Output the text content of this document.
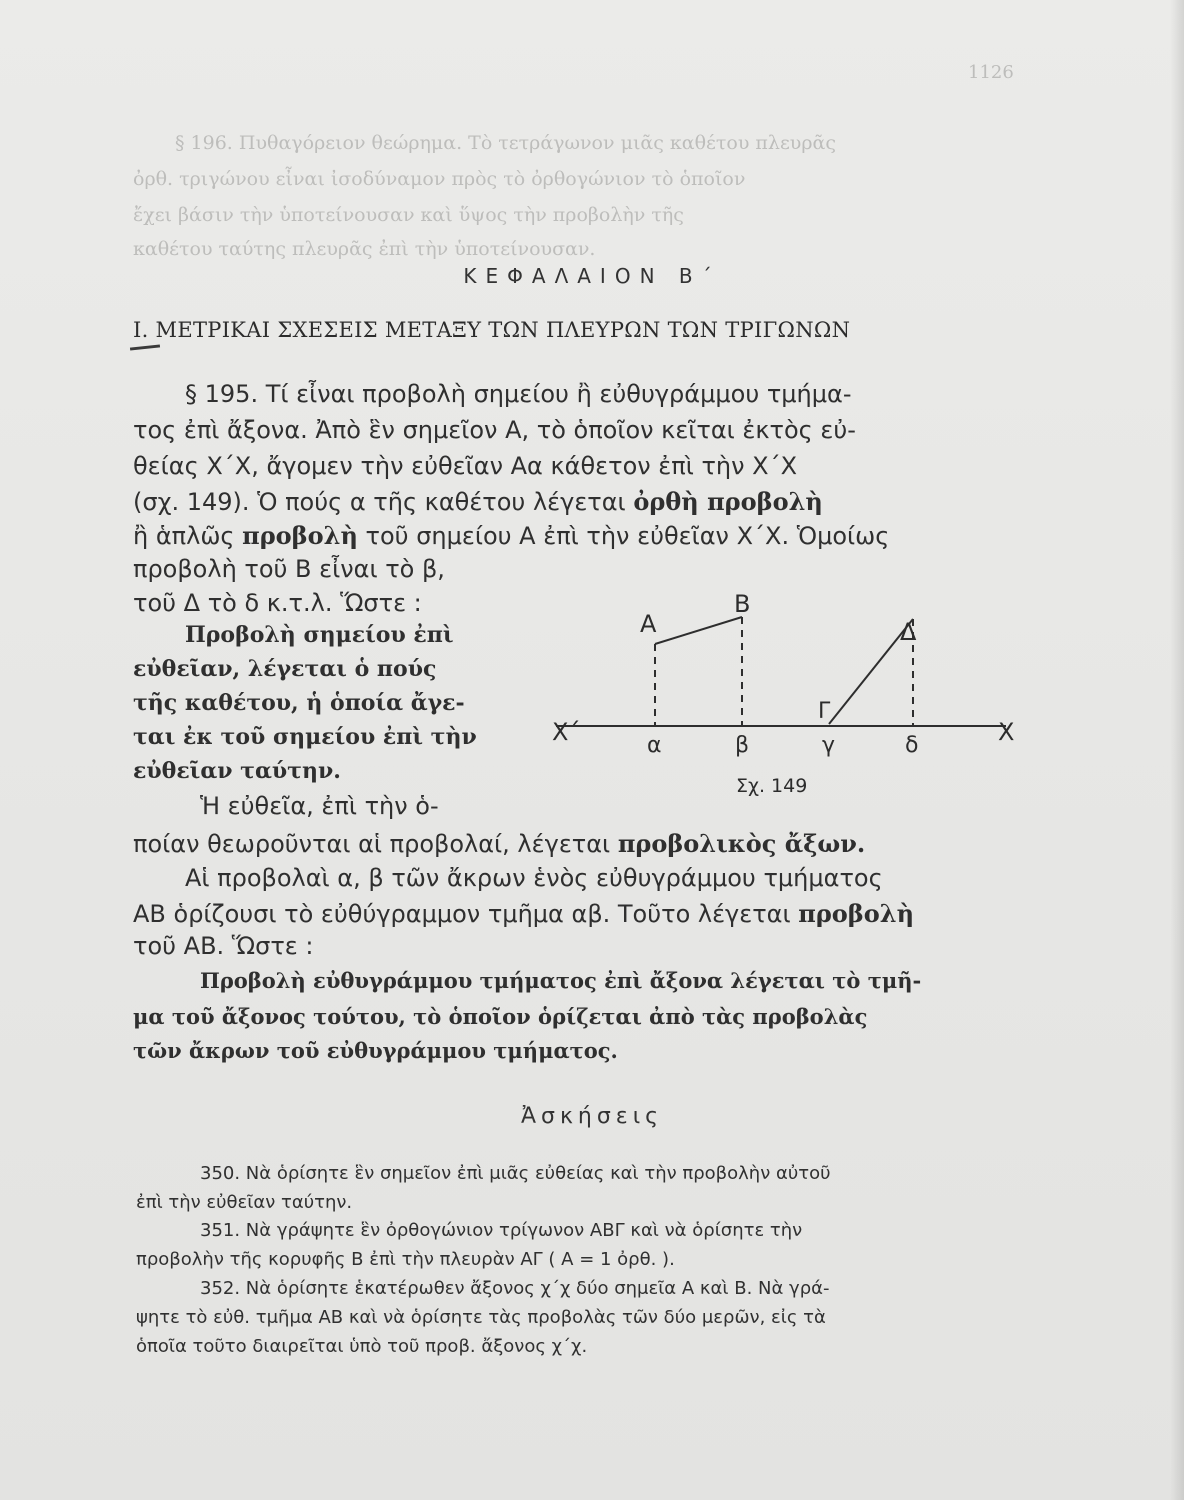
1126
§ 196. Πυθαγόρειον θεώρημα. Τὸ τετράγωνον μιᾶς καθέτου πλευρᾶς
ὀρθ. τριγώνου εἶναι ἰσοδύναμον πρὸς τὸ ὀρθογώνιον τὸ ὁποῖον
ἔχει βάσιν τὴν ὑποτείνουσαν καὶ ὕψος τὴν προβολὴν τῆς
καθέτου ταύτης πλευρᾶς ἐπὶ τὴν ὑποτείνουσαν.
ΚΕΦΑΛΑΙΟΝ Β΄
Ι. ΜΕΤΡΙΚΑΙ ΣΧΕΣΕΙΣ ΜΕΤΑΞΥ ΤΩΝ ΠΛΕΥΡΩΝ ΤΩΝ ΤΡΙΓΩΝΩΝ
§ 195. Τί εἶναι προβολὴ σημείου ἢ εὐθυγράμμου τμήμα-
τος ἐπὶ ἄξονα. Ἀπὸ ἓν σημεῖον Α, τὸ ὁποῖον κεῖται ἐκτὸς εὐ-
θείας Χ΄Χ, ἄγομεν τὴν εὐθεῖαν Αα κάθετον ἐπὶ τὴν Χ΄Χ
(σχ. 149). Ὁ πούς α τῆς καθέτου λέγεται ὀρθὴ προβολὴ
ἢ ἁπλῶς προβολὴ τοῦ σημείου Α ἐπὶ τὴν εὐθεῖαν Χ΄Χ. Ὁμοίως
προβολὴ τοῦ Β εἶναι τὸ β,
τοῦ Δ τὸ δ κ.τ.λ. Ὥστε :
Προβολὴ σημείου ἐπὶ
εὐθεῖαν, λέγεται ὁ πούς
τῆς καθέτου, ἡ ὁποία ἄγε-
ται ἐκ τοῦ σημείου ἐπὶ τὴν
εὐθεῖαν ταύτην.
Α
Β
Δ
Γ
Χ΄	Χ
α	β	γ	δ
Σχ. 149
Ἡ εὐθεῖα, ἐπὶ τὴν ὁ-
ποίαν θεωροῦνται αἱ προβολαί, λέγεται προβολικὸς ἄξων.
Αἱ προβολαὶ α, β τῶν ἄκρων ἑνὸς εὐθυγράμμου τμήματος
ΑΒ ὁρίζουσι τὸ εὐθύγραμμον τμῆμα αβ. Τοῦτο λέγεται προβολὴ
τοῦ ΑΒ. Ὥστε :
Προβολὴ εὐθυγράμμου τμήματος ἐπὶ ἄξονα λέγεται τὸ τμῆ-
μα τοῦ ἄξονος τούτου, τὸ ὁποῖον ὁρίζεται ἀπὸ τὰς προβολὰς
τῶν ἄκρων τοῦ εὐθυγράμμου τμήματος.
Ἀσκήσεις
350. Νὰ ὁρίσητε ἓν σημεῖον ἐπὶ μιᾶς εὐθείας καὶ τὴν προβολὴν αὐτοῦ
ἐπὶ τὴν εὐθεῖαν ταύτην.
351. Νὰ γράψητε ἓν ὀρθογώνιον τρίγωνον ΑΒΓ καὶ νὰ ὁρίσητε τὴν
προβολὴν τῆς κορυφῆς Β ἐπὶ τὴν πλευρὰν ΑΓ ( Α = 1 ὀρθ. ).
352. Νὰ ὁρίσητε ἑκατέρωθεν ἄξονος χ΄χ δύο σημεῖα Α καὶ Β. Νὰ γρά-
ψητε τὸ εὐθ. τμῆμα ΑΒ καὶ νὰ ὁρίσητε τὰς προβολὰς τῶν δύο μερῶν, εἰς τὰ
ὁποῖα τοῦτο διαιρεῖται ὑπὸ τοῦ προβ. ἄξονος χ΄χ.
